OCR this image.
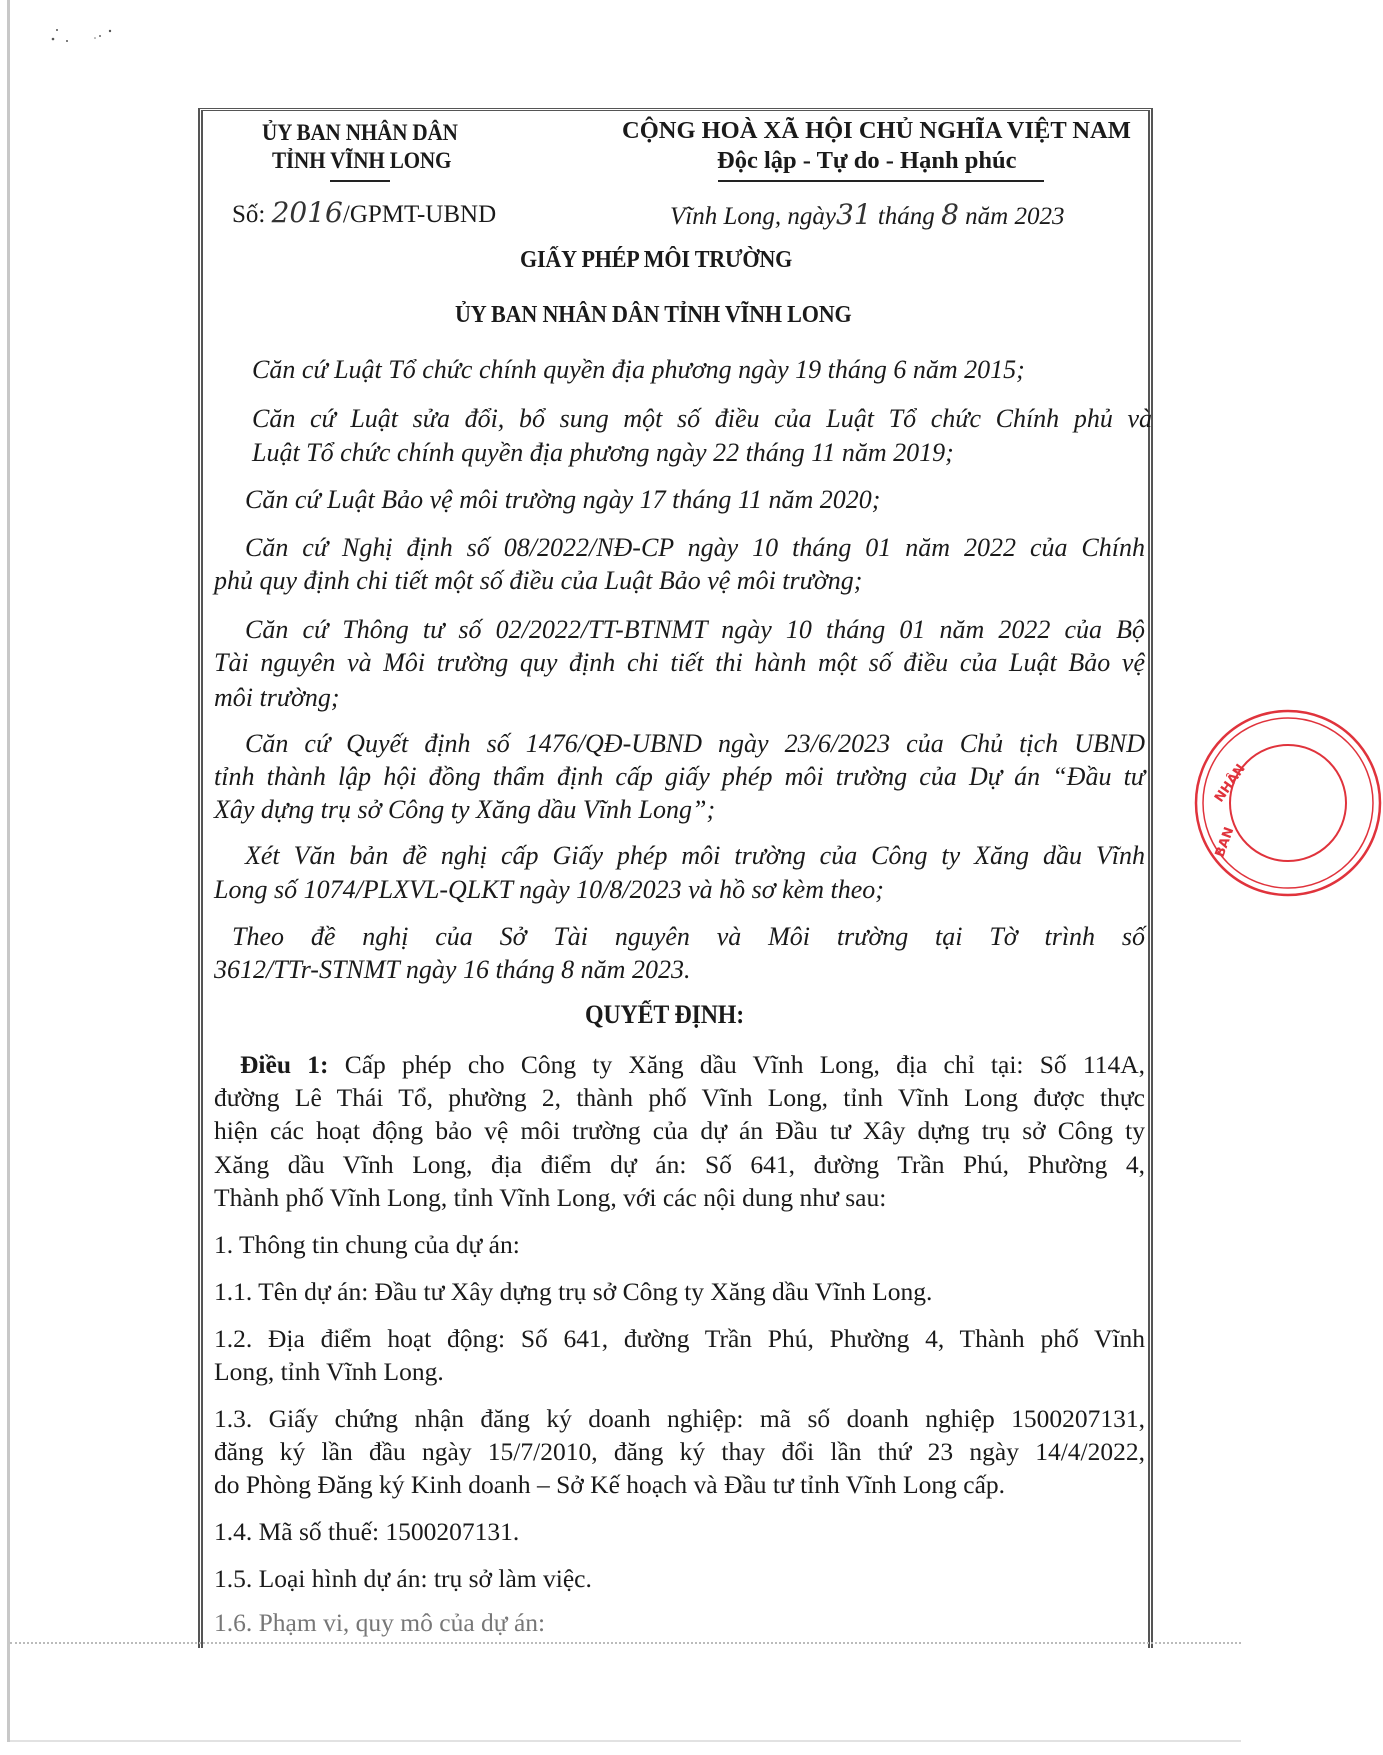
ỦY BAN NHÂN DÂN
TỈNH VĨNH LONG
Số: 2016/GPMT-UBND
CỘNG HOÀ XÃ HỘI CHỦ NGHĨA VIỆT NAM
Độc lập - Tự do - Hạnh phúc
Vĩnh Long, ngày31 tháng 8 năm 2023
GIẤY PHÉP MÔI TRƯỜNG
ỦY BAN NHÂN DÂN TỈNH VĨNH LONG
Căn cứ Luật Tổ chức chính quyền địa phương ngày 19 tháng 6 năm 2015;
Căn cứ Luật sửa đổi, bổ sung một số điều của Luật Tổ chức Chính phủ và
Luật Tổ chức chính quyền địa phương ngày 22 tháng 11 năm 2019;
Căn cứ Luật Bảo vệ môi trường ngày 17 tháng 11 năm 2020;
Căn cứ Nghị định số 08/2022/NĐ-CP ngày 10 tháng 01 năm 2022 của Chính
phủ quy định chi tiết một số điều của Luật Bảo vệ môi trường;
Căn cứ Thông tư số 02/2022/TT-BTNMT ngày 10 tháng 01 năm 2022 của Bộ
Tài nguyên và Môi trường quy định chi tiết thi hành một số điều của Luật Bảo vệ
môi trường;
Căn cứ Quyết định số 1476/QĐ-UBND ngày 23/6/2023 của Chủ tịch UBND
tỉnh thành lập hội đồng thẩm định cấp giấy phép môi trường của Dự án “Đầu tư
Xây dựng trụ sở Công ty Xăng dầu Vĩnh Long”;
Xét Văn bản đề nghị cấp Giấy phép môi trường của Công ty Xăng dầu Vĩnh
Long số 1074/PLXVL-QLKT ngày 10/8/2023 và hồ sơ kèm theo;
Theo đề nghị của Sở Tài nguyên và Môi trường tại Tờ trình số
3612/TTr-STNMT ngày 16 tháng 8 năm 2023.
QUYẾT ĐỊNH:
Điều 1: Cấp phép cho Công ty Xăng dầu Vĩnh Long, địa chỉ tại: Số 114A,
đường Lê Thái Tổ, phường 2, thành phố Vĩnh Long, tỉnh Vĩnh Long được thực
hiện các hoạt động bảo vệ môi trường của dự án Đầu tư Xây dựng trụ sở Công ty
Xăng dầu Vĩnh Long, địa điểm dự án: Số 641, đường Trần Phú, Phường 4,
Thành phố Vĩnh Long, tỉnh Vĩnh Long, với các nội dung như sau:
1. Thông tin chung của dự án:
1.1. Tên dự án: Đầu tư Xây dựng trụ sở Công ty Xăng dầu Vĩnh Long.
1.2. Địa điểm hoạt động: Số 641, đường Trần Phú, Phường 4, Thành phố Vĩnh
Long, tỉnh Vĩnh Long.
1.3. Giấy chứng nhận đăng ký doanh nghiệp: mã số doanh nghiệp 1500207131,
đăng ký lần đầu ngày 15/7/2010, đăng ký thay đổi lần thứ 23 ngày 14/4/2022,
do Phòng Đăng ký Kinh doanh – Sở Kế hoạch và Đầu tư tỉnh Vĩnh Long cấp.
1.4. Mã số thuế: 1500207131.
1.5. Loại hình dự án: trụ sở làm việc.
1.6. Phạm vi, quy mô của dự án:
BAN
NHÂN
